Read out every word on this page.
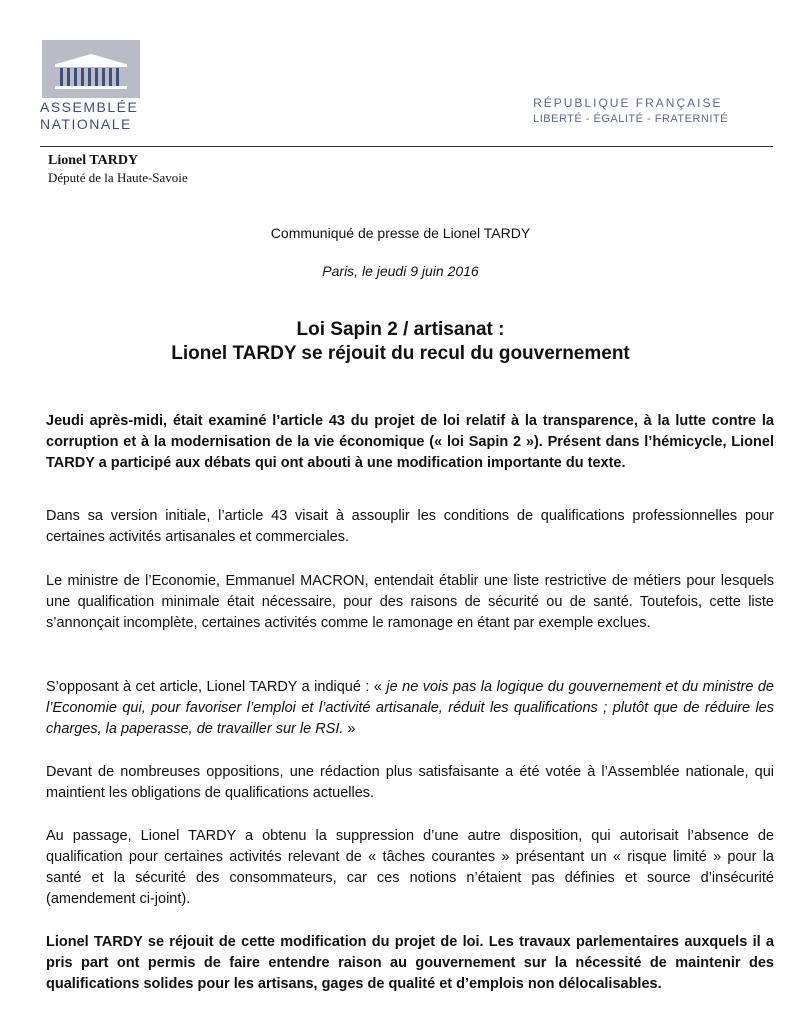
ASSEMBLÉE
NATIONALE
RÉPUBLIQUE FRANÇAISE
LIBERTÉ - ÉGALITÉ - FRATERNITÉ
Lionel TARDY
Député de la Haute-Savoie
Communiqué de presse de Lionel TARDY
Paris, le jeudi 9 juin 2016
Loi Sapin 2 / artisanat :
Lionel TARDY se réjouit du recul du gouvernement

Jeudi après-midi, était examiné l’article 43 du projet de loi relatif à la transparence, à la lutte contre la corruption et à la modernisation de la vie économique (« loi Sapin 2 »). Présent dans l’hémicycle, Lionel TARDY a participé aux débats qui ont abouti à une modification importante du texte.

Dans sa version initiale, l’article 43 visait à assouplir les conditions de qualifications professionnelles pour certaines activités artisanales et commerciales.

Le ministre de l’Economie, Emmanuel MACRON, entendait établir une liste restrictive de métiers pour lesquels une qualification minimale était nécessaire, pour des raisons de sécurité ou de santé. Toutefois, cette liste s’annonçait incomplète, certaines activités comme le ramonage en étant par exemple exclues.

S’opposant à cet article, Lionel TARDY a indiqué : « je ne vois pas la logique du gouvernement et du ministre de l’Economie qui, pour favoriser l’emploi et l’activité artisanale, réduit les qualifications ; plutôt que de réduire les charges, la paperasse, de travailler sur le RSI. »

Devant de nombreuses oppositions, une rédaction plus satisfaisante a été votée à l’Assemblée nationale, qui maintient les obligations de qualifications actuelles.

Au passage, Lionel TARDY a obtenu la suppression d’une autre disposition, qui autorisait l’absence de qualification pour certaines activités relevant de « tâches courantes » présentant un « risque limité » pour la santé et la sécurité des consommateurs, car ces notions n’étaient pas définies et source d’insécurité (amendement ci-joint).

Lionel TARDY se réjouit de cette modification du projet de loi. Les travaux parlementaires auxquels il a pris part ont permis de faire entendre raison au gouvernement sur la nécessité de maintenir des qualifications solides pour les artisans, gages de qualité et d’emplois non délocalisables.
